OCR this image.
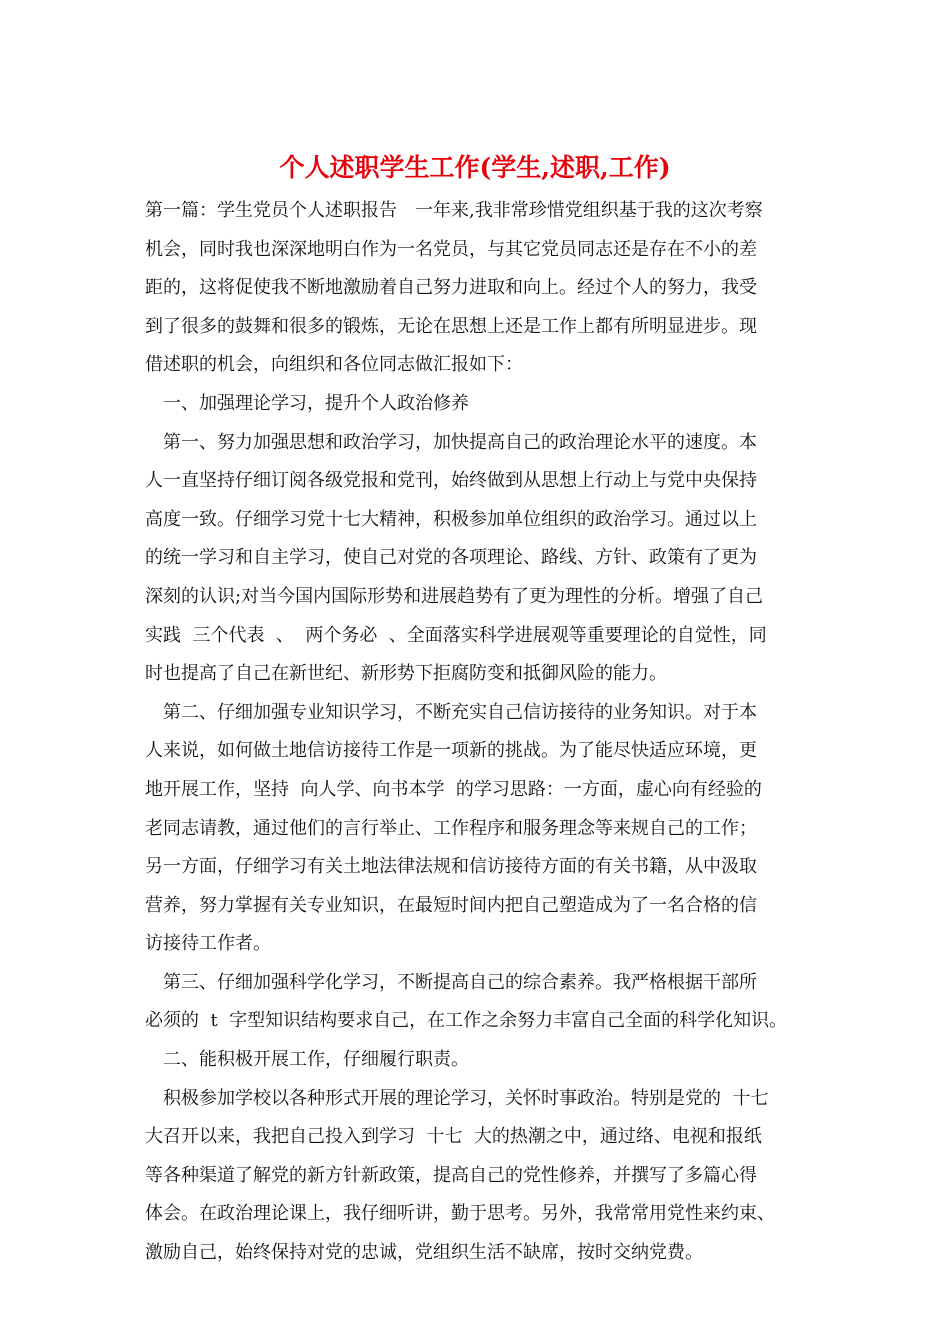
个人述职学生工作(学生,述职,工作)
第一篇：学生党员个人述职报告　一年来,我非常珍惜党组织基于我的这次考察
机会，同时我也深深地明白作为一名党员，与其它党员同志还是存在不小的差
距的，这将促使我不断地激励着自己努力进取和向上。经过个人的努力，我受
到了很多的鼓舞和很多的锻炼，无论在思想上还是工作上都有所明显进步。现
借述职的机会，向组织和各位同志做汇报如下：
　一、加强理论学习，提升个人政治修养
　第一、努力加强思想和政治学习，加快提高自己的政治理论水平的速度。本
人一直坚持仔细订阅各级党报和党刊，始终做到从思想上行动上与党中央保持
高度一致。仔细学习党十七大精神，积极参加单位组织的政治学习。通过以上
的统一学习和自主学习，使自己对党的各项理论、路线、方针、政策有了更为
深刻的认识;对当今国内国际形势和进展趋势有了更为理性的分析。增强了自己
实践  三个代表  、  两个务必  、全面落实科学进展观等重要理论的自觉性，同
时也提高了自己在新世纪、新形势下拒腐防变和抵御风险的能力。
　第二、仔细加强专业知识学习，不断充实自己信访接待的业务知识。对于本
人来说，如何做土地信访接待工作是一项新的挑战。为了能尽快适应环境，更
地开展工作，坚持  向人学、向书本学  的学习思路：一方面，虚心向有经验的
老同志请教，通过他们的言行举止、工作程序和服务理念等来规自己的工作；
另一方面，仔细学习有关土地法律法规和信访接待方面的有关书籍，从中汲取
营养，努力掌握有关专业知识，在最短时间内把自己塑造成为了一名合格的信
访接待工作者。
　第三、仔细加强科学化学习，不断提高自己的综合素养。我严格根据干部所
必须的  t  字型知识结构要求自己，在工作之余努力丰富自己全面的科学化知识。
　二、能积极开展工作，仔细履行职责。
　积极参加学校以各种形式开展的理论学习，关怀时事政治。特别是党的  十七
大召开以来，我把自己投入到学习  十七  大的热潮之中，通过络、电视和报纸
等各种渠道了解党的新方针新政策，提高自己的党性修养，并撰写了多篇心得
体会。在政治理论课上，我仔细听讲，勤于思考。另外，我常常用党性来约束、
激励自己，始终保持对党的忠诚，党组织生活不缺席，按时交纳党费。
